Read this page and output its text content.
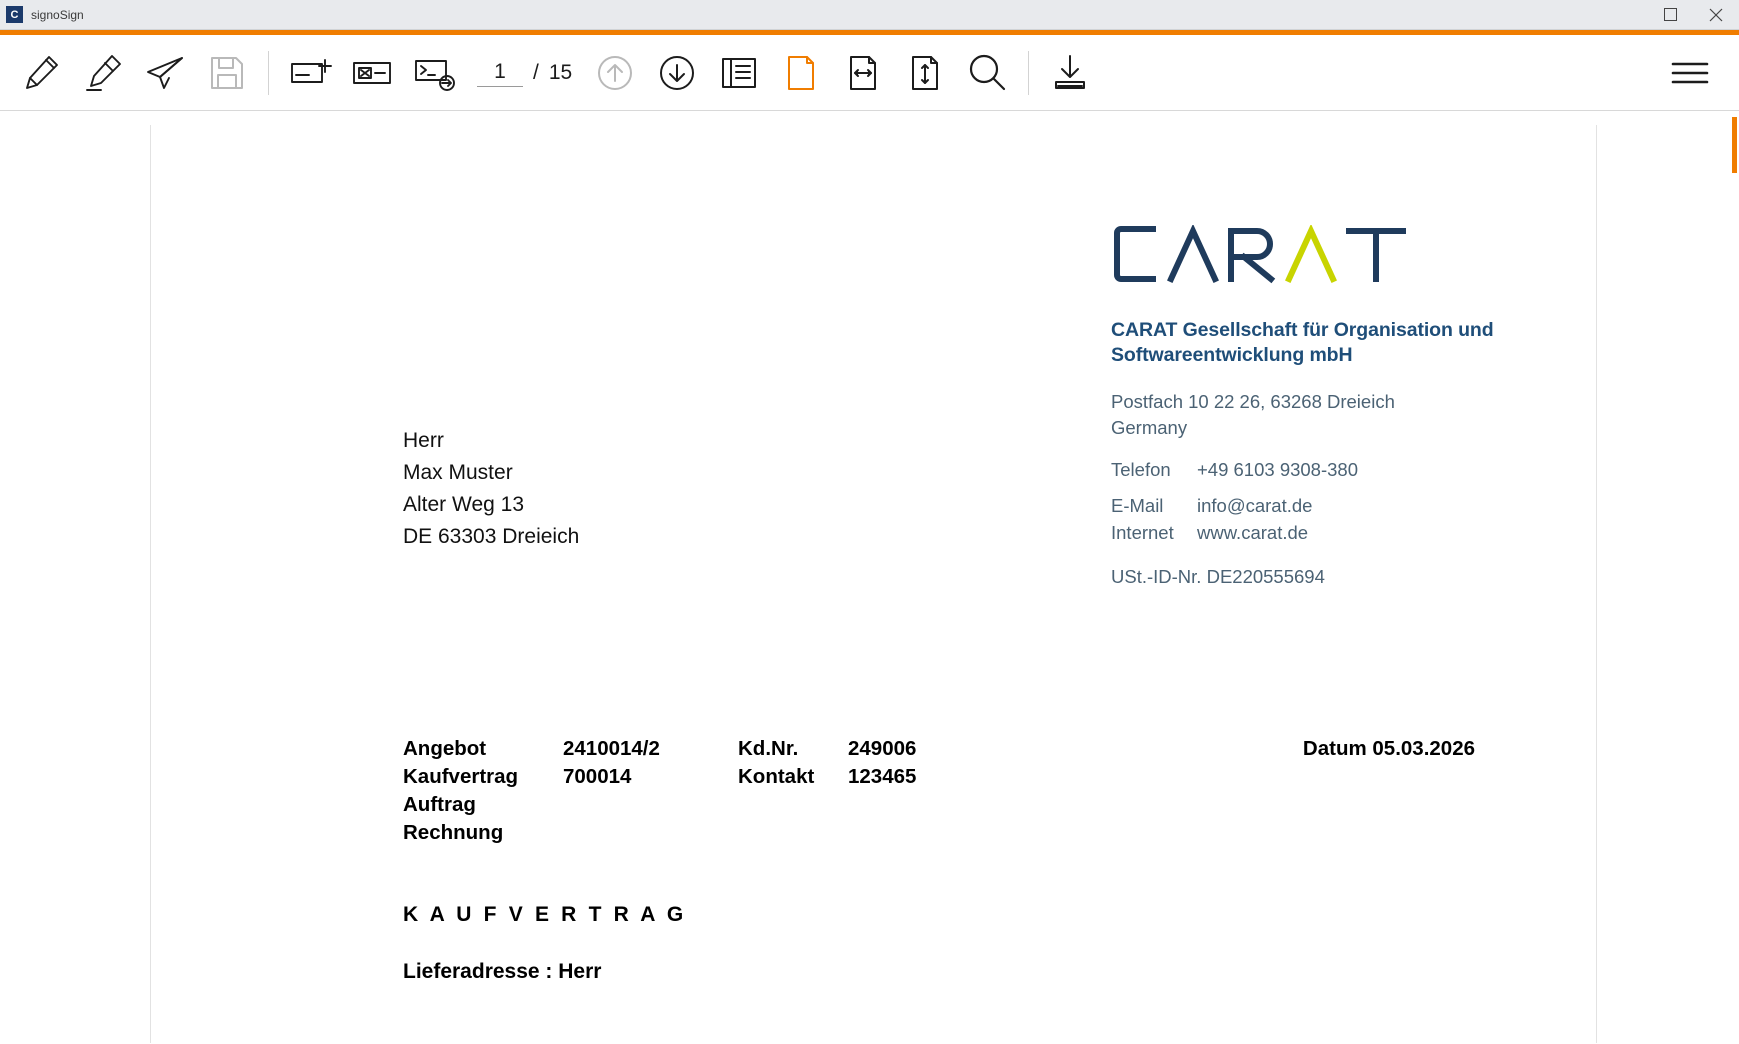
C	signoSign
1
/ 15
CARAT Gesellschaft für Organisation und Softwareentwicklung mbH
Postfach 10 22 26, 63268 Dreieich
Germany
Telefon	+49 6103 9308-380
E-Mail	info@carat.de
Internet	www.carat.de
USt.-ID-Nr. DE220555694
Herr
Max Muster
Alter Weg 13
DE 63303 Dreieich
Angebot	2410014/2	Kd.Nr.	249006
Kaufvertrag	700014	Kontakt	123465
Auftrag			
Rechnung			
Datum 05.03.2026
K A U F V E R T R A G
Lieferadresse : Herr
